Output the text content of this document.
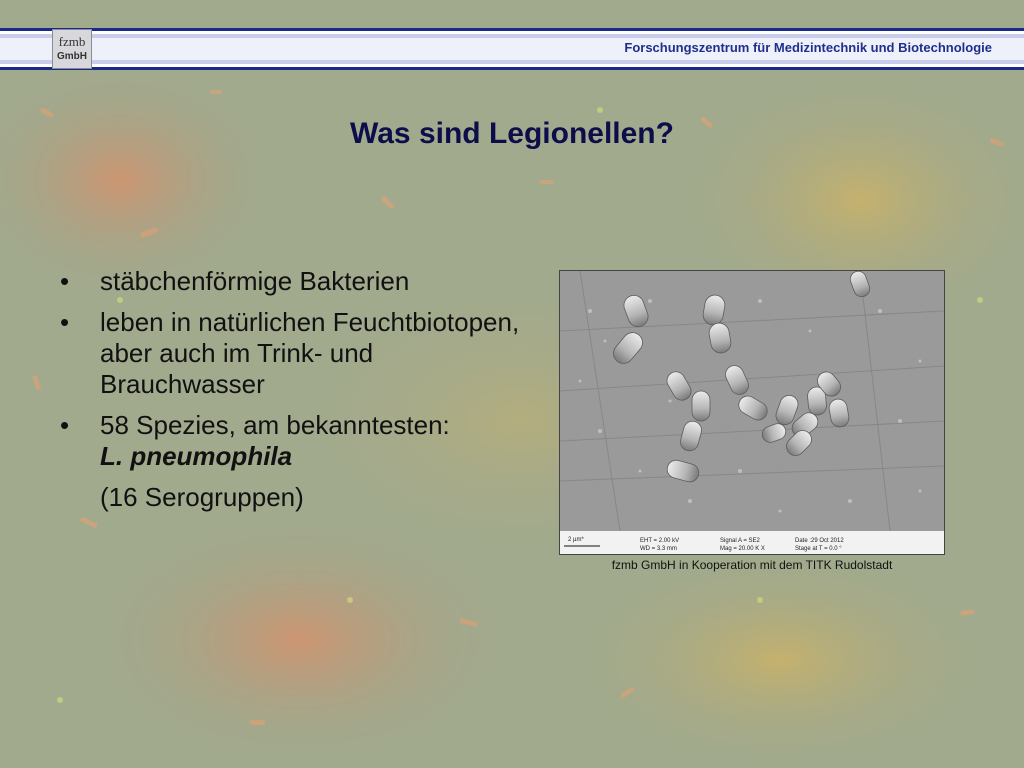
fzmb
GmbH
Forschungszentrum für Medizintechnik und Biotechnologie
Was sind Legionellen?
• stäbchenförmige Bakterien
• leben in natürlichen Feuchtbiotopen, aber auch im Trink- und Brauchwasser
• 58 Spezies, am bekanntesten:
L. pneumophila
(16 Serogruppen)
2 µm*	EHT = 2.00 kV
WD = 3.3 mm
Signal A = SE2
Mag = 20.00 K X
Date :29 Oct 2012
Stage at T = 0.0 °
fzmb GmbH in Kooperation mit dem TITK Rudolstadt
